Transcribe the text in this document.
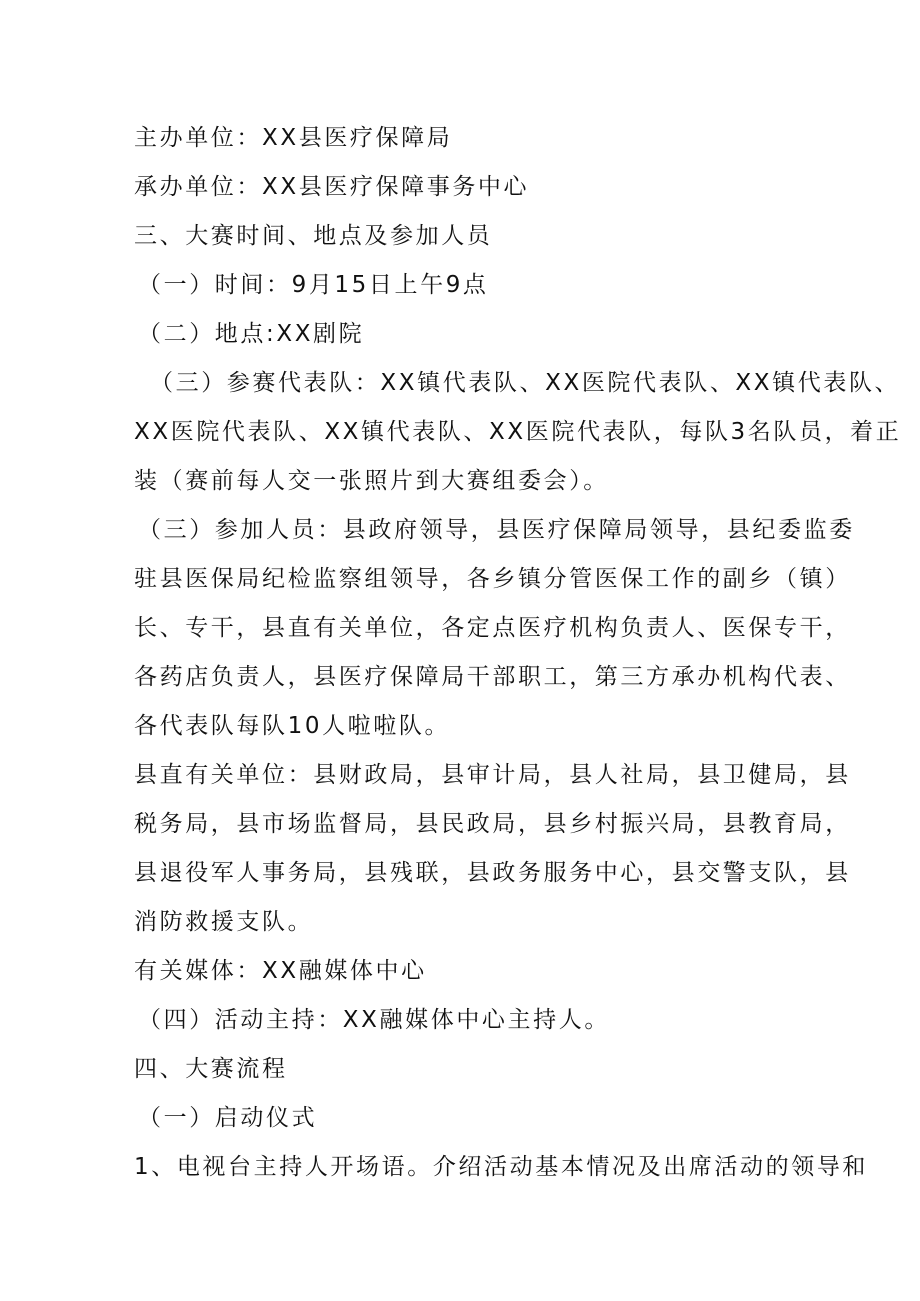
主办单位：XX县医疗保障局
承办单位：XX县医疗保障事务中心
三、大赛时间、地点及参加人员
（一）时间：9月15日上午9点
（二）地点:XX剧院
（三）参赛代表队：XX镇代表队、XX医院代表队、XX镇代表队、
XX医院代表队、XX镇代表队、XX医院代表队，每队3名队员，着正
装（赛前每人交一张照片到大赛组委会）。
（三）参加人员：县政府领导，县医疗保障局领导，县纪委监委
驻县医保局纪检监察组领导，各乡镇分管医保工作的副乡（镇）
长、专干，县直有关单位，各定点医疗机构负责人、医保专干，
各药店负责人，县医疗保障局干部职工，第三方承办机构代表、
各代表队每队10人啦啦队。
县直有关单位：县财政局，县审计局，县人社局，县卫健局，县
税务局，县市场监督局，县民政局，县乡村振兴局，县教育局，
县退役军人事务局，县残联，县政务服务中心，县交警支队，县
消防救援支队。
有关媒体：XX融媒体中心
（四）活动主持：XX融媒体中心主持人。
四、大赛流程
（一）启动仪式
1、电视台主持人开场语。介绍活动基本情况及出席活动的领导和
